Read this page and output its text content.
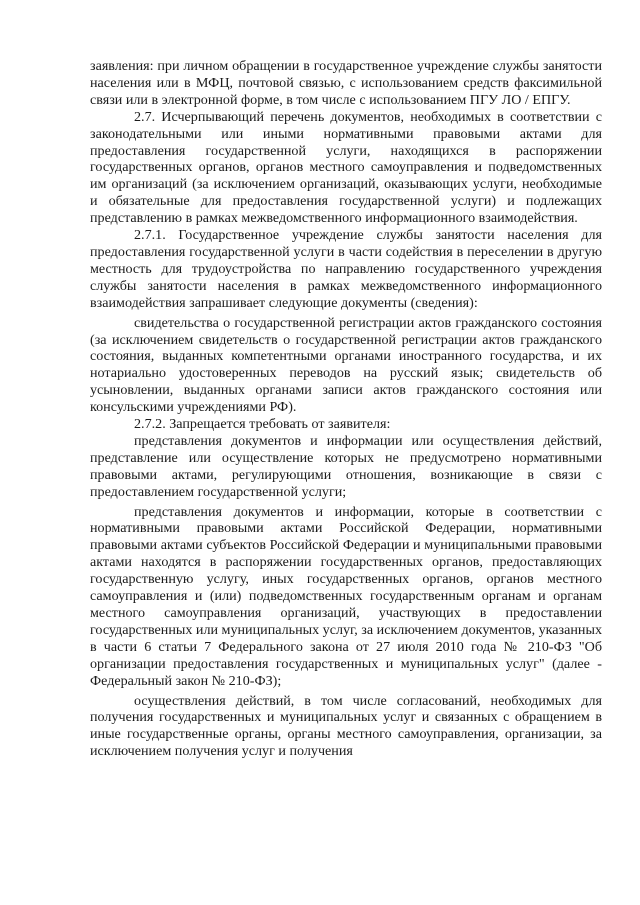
заявления: при личном обращении в государственное учреждение службы занятости населения или в МФЦ, почтовой связью, с использованием средств факсимильной связи или в электронной форме, в том числе с использованием ПГУ ЛО / ЕПГУ.

2.7. Исчерпывающий перечень документов, необходимых в соответствии с законодательными или иными нормативными правовыми актами для предоставления государственной услуги, находящихся в распоряжении государственных органов, органов местного самоуправления и подведомственных им организаций (за исключением организаций, оказывающих услуги, необходимые и обязательные для предоставления государственной услуги) и подлежащих представлению в рамках межведомственного информационного взаимодействия.

2.7.1. Государственное учреждение службы занятости населения для предоставления государственной услуги в части содействия в переселении в другую местность для трудоустройства по направлению государственного учреждения службы занятости населения в рамках межведомственного информационного взаимодействия запрашивает следующие документы (сведения):

свидетельства о государственной регистрации актов гражданского состояния (за исключением свидетельств о государственной регистрации актов гражданского состояния, выданных компетентными органами иностранного государства, и их нотариально удостоверенных переводов на русский язык; свидетельств об усыновлении, выданных органами записи актов гражданского состояния или консульскими учреждениями РФ).

2.7.2. Запрещается требовать от заявителя:

представления документов и информации или осуществления действий, представление или осуществление которых не предусмотрено нормативными правовыми актами, регулирующими отношения, возникающие в связи с предоставлением государственной услуги;

представления документов и информации, которые в соответствии с нормативными правовыми актами Российской Федерации, нормативными правовыми актами субъектов Российской Федерации и муниципальными правовыми актами находятся в распоряжении государственных органов, предоставляющих государственную услугу, иных государственных органов, органов местного самоуправления и (или) подведомственных государственным органам и органам местного самоуправления организаций, участвующих в предоставлении государственных или муниципальных услуг, за исключением документов, указанных в части 6 статьи 7 Федерального закона от 27 июля 2010 года № 210-ФЗ "Об организации предоставления государственных и муниципальных услуг" (далее - Федеральный закон № 210-ФЗ);

осуществления действий, в том числе согласований, необходимых для получения государственных и муниципальных услуг и связанных с обращением в иные государственные органы, органы местного самоуправления, организации, за исключением получения услуг и получения
